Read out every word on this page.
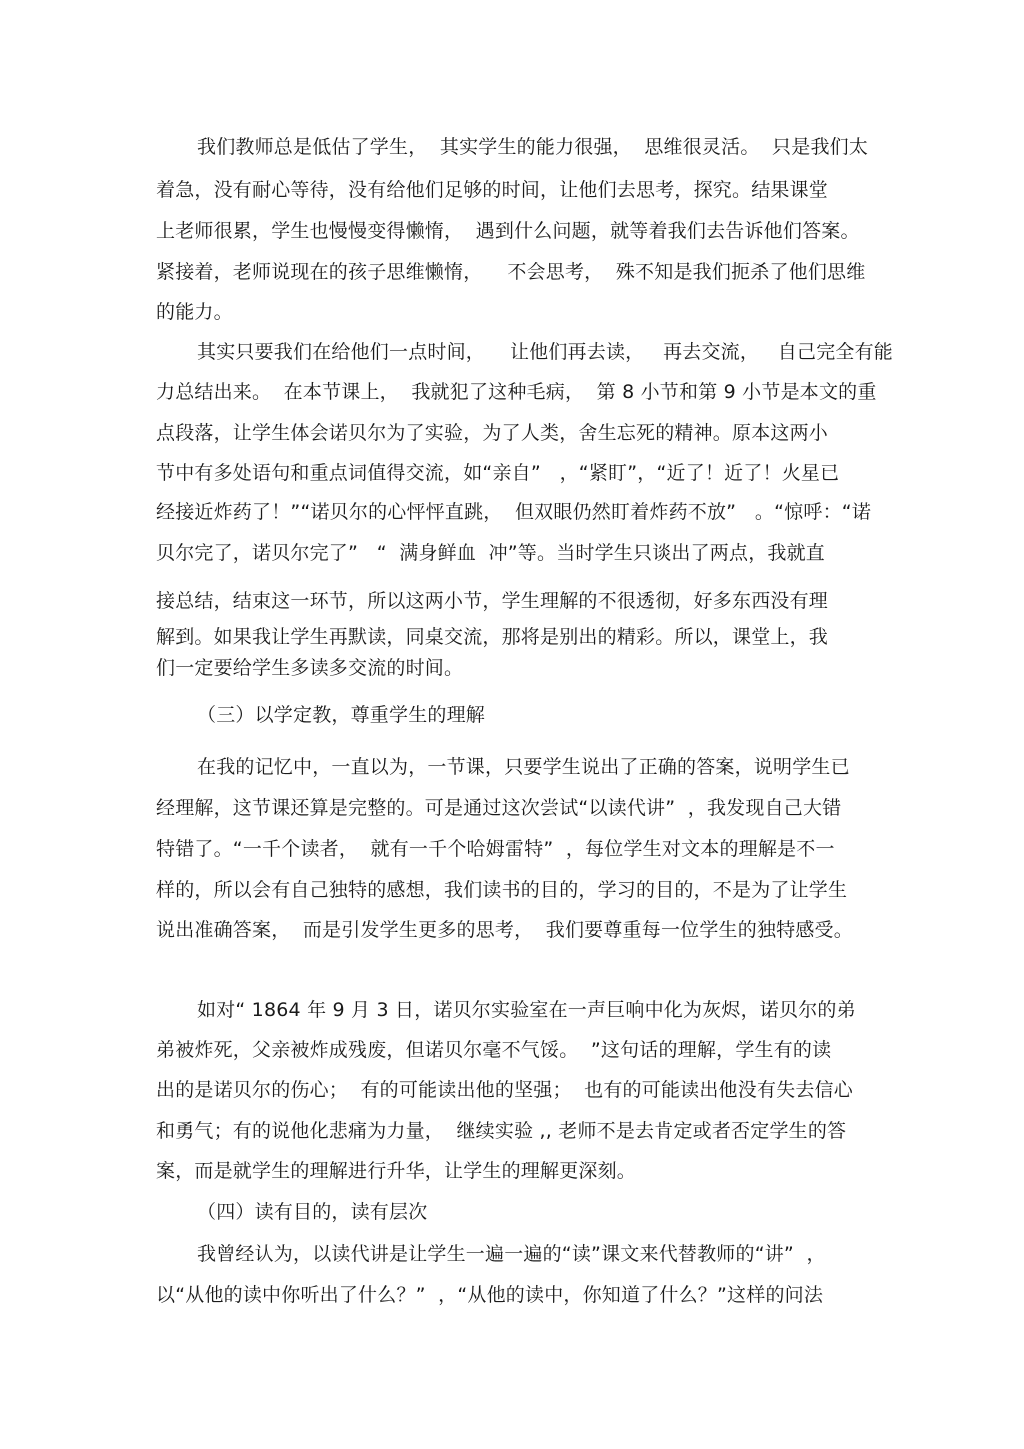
我们教师总是低估了学生，  其实学生的能力很强，  思维很灵活。  只是我们太
着急，没有耐心等待，没有给他们足够的时间，让他们去思考，探究。结果课堂
上老师很累，学生也慢慢变得懒惰，  遇到什么问题，就等着我们去告诉他们答案。
紧接着，老师说现在的孩子思维懒惰，    不会思考，  殊不知是我们扼杀了他们思维
的能力。
其实只要我们在给他们一点时间，    让他们再去读，   再去交流，   自己完全有能
力总结出来。  在本节课上，  我就犯了这种毛病，  第 8 小节和第 9 小节是本文的重
点段落，让学生体会诺贝尔为了实验，为了人类，舍生忘死的精神。原本这两小
节中有多处语句和重点词值得交流，如“亲自”   ，“紧盯”，“近了！近了！火星已
经接近炸药了！”“诺贝尔的心怦怦直跳，  但双眼仍然盯着炸药不放”   。“惊呼：“诺
贝尔完了，诺贝尔完了”   “  满身鲜血  冲”等。当时学生只谈出了两点，我就直
接总结，结束这一环节，所以这两小节，学生理解的不很透彻，好多东西没有理
解到。如果我让学生再默读，同桌交流，那将是别出的精彩。所以，课堂上，我
们一定要给学生多读多交流的时间。
（三）以学定教，尊重学生的理解
在我的记忆中，一直以为，一节课，只要学生说出了正确的答案，说明学生已
经理解，这节课还算是完整的。可是通过这次尝试“以读代讲”  ，我发现自己大错
特错了。“一千个读者，  就有一千个哈姆雷特”  ，每位学生对文本的理解是不一
样的，所以会有自己独特的感想，我们读书的目的，学习的目的，不是为了让学生
说出准确答案，  而是引发学生更多的思考，  我们要尊重每一位学生的独特感受。
如对“ 1864 年 9 月 3 日，诺贝尔实验室在一声巨响中化为灰烬，诺贝尔的弟
弟被炸死，父亲被炸成残废，但诺贝尔毫不气馁。  ”这句话的理解，学生有的读
出的是诺贝尔的伤心；  有的可能读出他的坚强；  也有的可能读出他没有失去信心
和勇气；有的说他化悲痛为力量，  继续实验 ,, 老师不是去肯定或者否定学生的答
案，而是就学生的理解进行升华，让学生的理解更深刻。
（四）读有目的，读有层次
我曾经认为，以读代讲是让学生一遍一遍的“读”课文来代替教师的“讲”  ，
以“从他的读中你听出了什么？”  ，“从他的读中，你知道了什么？”这样的问法
